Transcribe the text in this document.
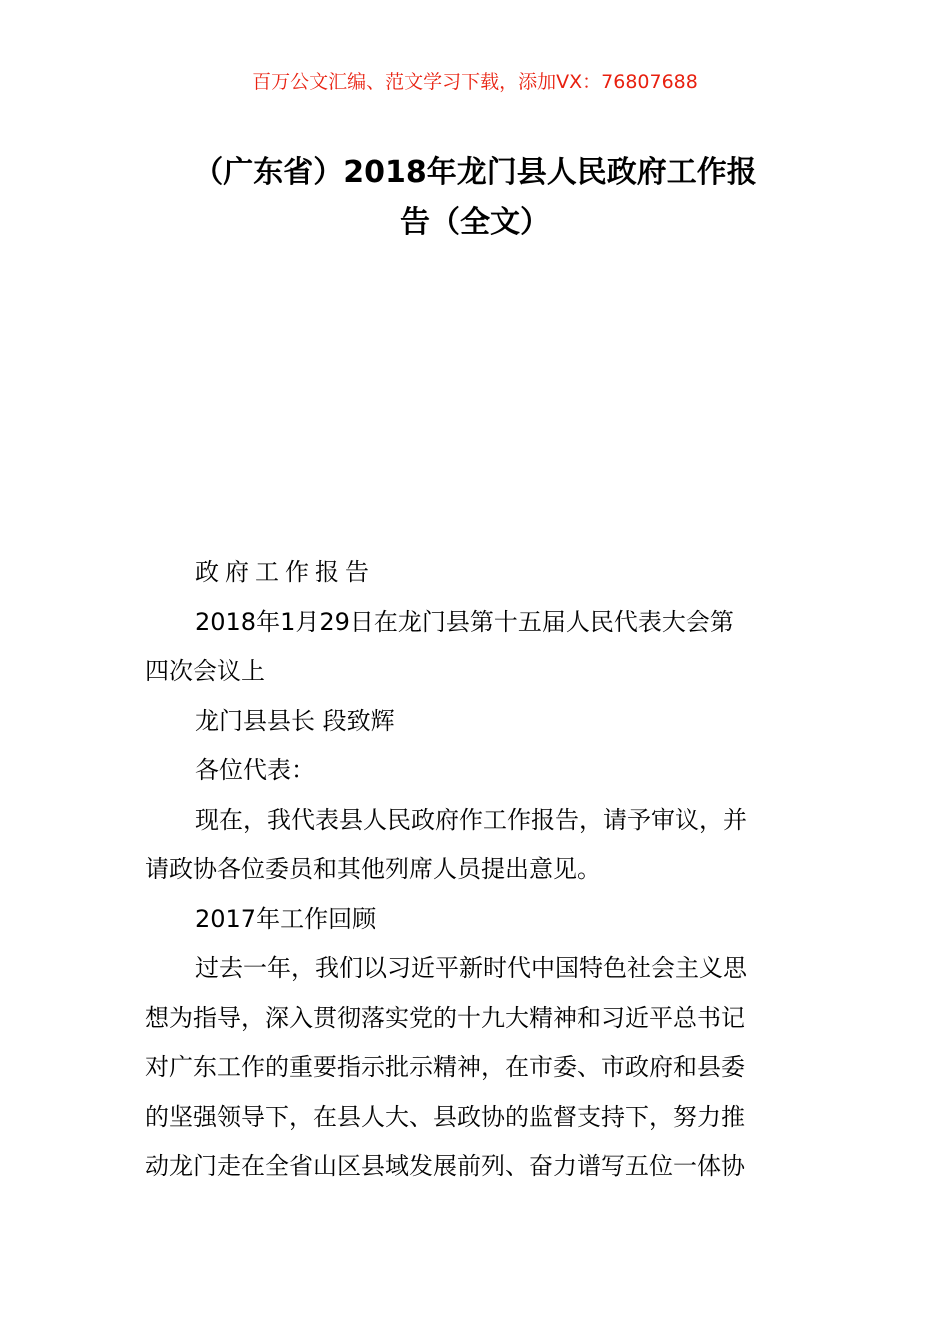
百万公文汇编、范文学习下载，添加VX：76807688
（广东省）2018年龙门县人民政府工作报
告（全文）
政府工作报告
2018年1月29日在龙门县第十五届人民代表大会第
四次会议上
龙门县县长 段致辉
各位代表：
现在，我代表县人民政府作工作报告，请予审议，并
请政协各位委员和其他列席人员提出意见。
2017年工作回顾
过去一年，我们以习近平新时代中国特色社会主义思
想为指导，深入贯彻落实党的十九大精神和习近平总书记
对广东工作的重要指示批示精神，在市委、市政府和县委
的坚强领导下，在县人大、县政协的监督支持下，努力推
动龙门走在全省山区县域发展前列、奋力谱写五位一体协
